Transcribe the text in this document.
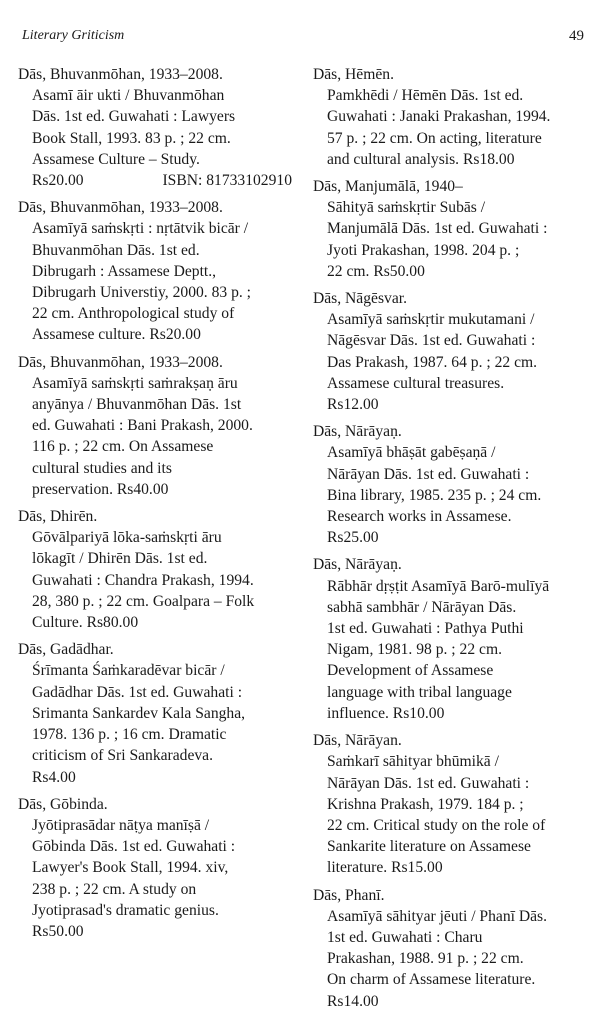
Literary Griticism	49
Dās, Bhuvanmōhan, 1933–2008.
Asamī āir ukti / Bhuvanmōhan
Dās. 1st ed. Guwahati : Lawyers
Book Stall, 1993. 83 p. ; 22 cm.
Assamese Culture – Study.
Rs20.00	ISBN: 81733102910
Dās, Bhuvanmōhan, 1933–2008.
Asamīyā saṁskṛti : nṛtātvik bicār /
Bhuvanmōhan Dās. 1st ed.
Dibrugarh : Assamese Deptt.,
Dibrugarh Universtiy, 2000. 83 p. ;
22 cm. Anthropological study of
Assamese culture. Rs20.00
Dās, Bhuvanmōhan, 1933–2008.
Asamīyā saṁskṛti saṁrakṣaṇ āru
anyānya / Bhuvanmōhan Dās. 1st
ed. Guwahati : Bani Prakash, 2000.
116 p. ; 22 cm. On Assamese
cultural studies and its
preservation. Rs40.00
Dās, Dhirēn.
Gōvālpariyā lōka-saṁskṛti āru
lōkagīt / Dhirēn Dās. 1st ed.
Guwahati : Chandra Prakash, 1994.
28, 380 p. ; 22 cm. Goalpara – Folk
Culture. Rs80.00
Dās, Gadādhar.
Śrīmanta Śaṁkaradēvar bicār /
Gadādhar Dās. 1st ed. Guwahati :
Srimanta Sankardev Kala Sangha,
1978. 136 p. ; 16 cm. Dramatic
criticism of Sri Sankaradeva.
Rs4.00
Dās, Gōbinda.
Jyōtiprasādar nāṭya manīṣā /
Gōbinda Dās. 1st ed. Guwahati :
Lawyer's Book Stall, 1994. xiv,
238 p. ; 22 cm. A study on
Jyotiprasad's dramatic genius.
Rs50.00
Dās, Hēmēn.
Pamkhēdi / Hēmēn Dās. 1st ed.
Guwahati : Janaki Prakashan, 1994.
57 p. ; 22 cm. On acting, literature
and cultural analysis. Rs18.00
Dās, Manjumālā, 1940–
Sāhityā saṁskṛtir Subās /
Manjumālā Dās. 1st ed. Guwahati :
Jyoti Prakashan, 1998. 204 p. ;
22 cm. Rs50.00
Dās, Nāgēsvar.
Asamīyā saṁskṛtir mukutamani /
Nāgēsvar Dās. 1st ed. Guwahati :
Das Prakash, 1987. 64 p. ; 22 cm.
Assamese cultural treasures.
Rs12.00
Dās, Nārāyaṇ.
Asamīyā bhāṣāt gabēṣaṇā /
Nārāyan Dās. 1st ed. Guwahati :
Bina library, 1985. 235 p. ; 24 cm.
Research works in Assamese.
Rs25.00
Dās, Nārāyaṇ.
Rābhār dṛṣṭit Asamīyā Barō-mulīyā
sabhā sambhār / Nārāyan Dās.
1st ed. Guwahati : Pathya Puthi
Nigam, 1981. 98 p. ; 22 cm.
Development of Assamese
language with tribal language
influence. Rs10.00
Dās, Nārāyan.
Saṁkarī sāhityar bhūmikā /
Nārāyan Dās. 1st ed. Guwahati :
Krishna Prakash, 1979. 184 p. ;
22 cm. Critical study on the role of
Sankarite literature on Assamese
literature. Rs15.00
Dās, Phanī.
Asamīyā sāhityar jēuti / Phanī Dās.
1st ed. Guwahati : Charu
Prakashan, 1988. 91 p. ; 22 cm.
On charm of Assamese literature.
Rs14.00
